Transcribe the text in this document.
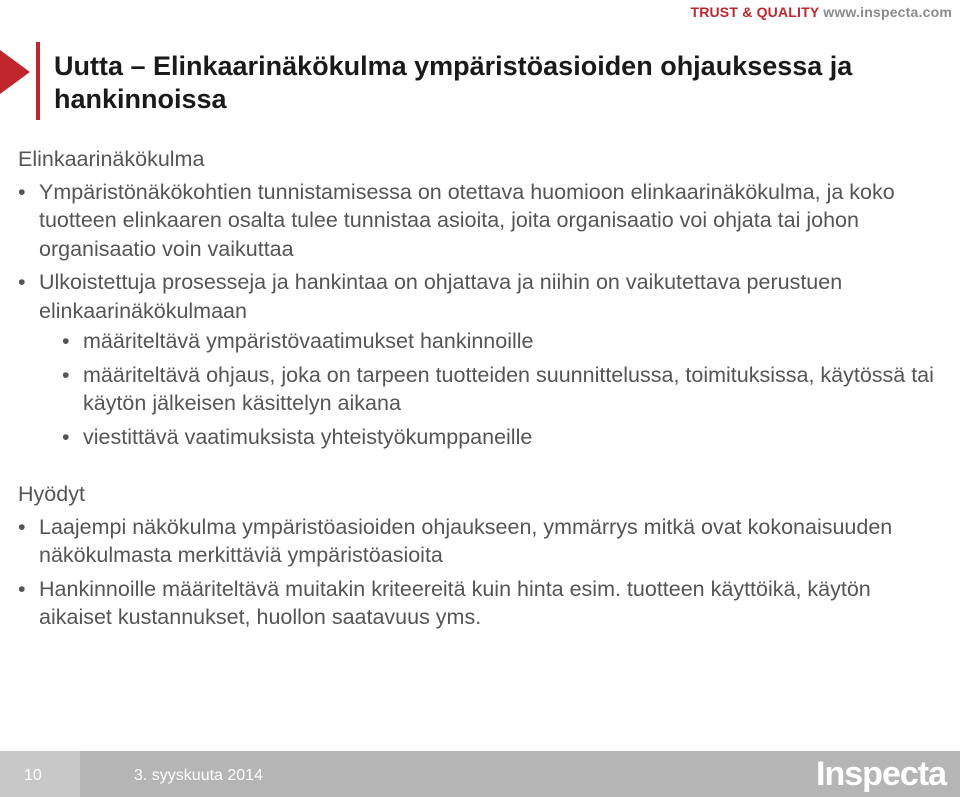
TRUST & QUALITY www.inspecta.com
Uutta – Elinkaarinäkökulma ympäristöasioiden ohjauksessa ja hankinnoissa
Elinkaarinäkökulma
• Ympäristönäkökohtien tunnistamisessa on otettava huomioon elinkaarinäkökulma, ja koko tuotteen elinkaaren osalta tulee tunnistaa asioita, joita organisaatio voi ohjata tai johon organisaatio voin vaikuttaa
• Ulkoistettuja prosesseja ja hankintaa on ohjattava ja niihin on vaikutettava perustuen elinkaarinäkökulmaan
• määriteltävä ympäristövaatimukset hankinnoille
• määriteltävä ohjaus, joka on tarpeen tuotteiden suunnittelussa, toimituksissa, käytössä tai käytön jälkeisen käsittelyn aikana
• viestittävä vaatimuksista yhteistyökumppaneille
Hyödyt
• Laajempi näkökulma ympäristöasioiden ohjaukseen, ymmärrys mitkä ovat kokonaisuuden näkökulmasta merkittäviä ympäristöasioita
• Hankinnoille määriteltävä muitakin kriteereitä kuin hinta esim. tuotteen käyttöikä, käytön aikaiset kustannukset, huollon saatavuus yms.
10	3. syyskuuta 2014	Inspecta
